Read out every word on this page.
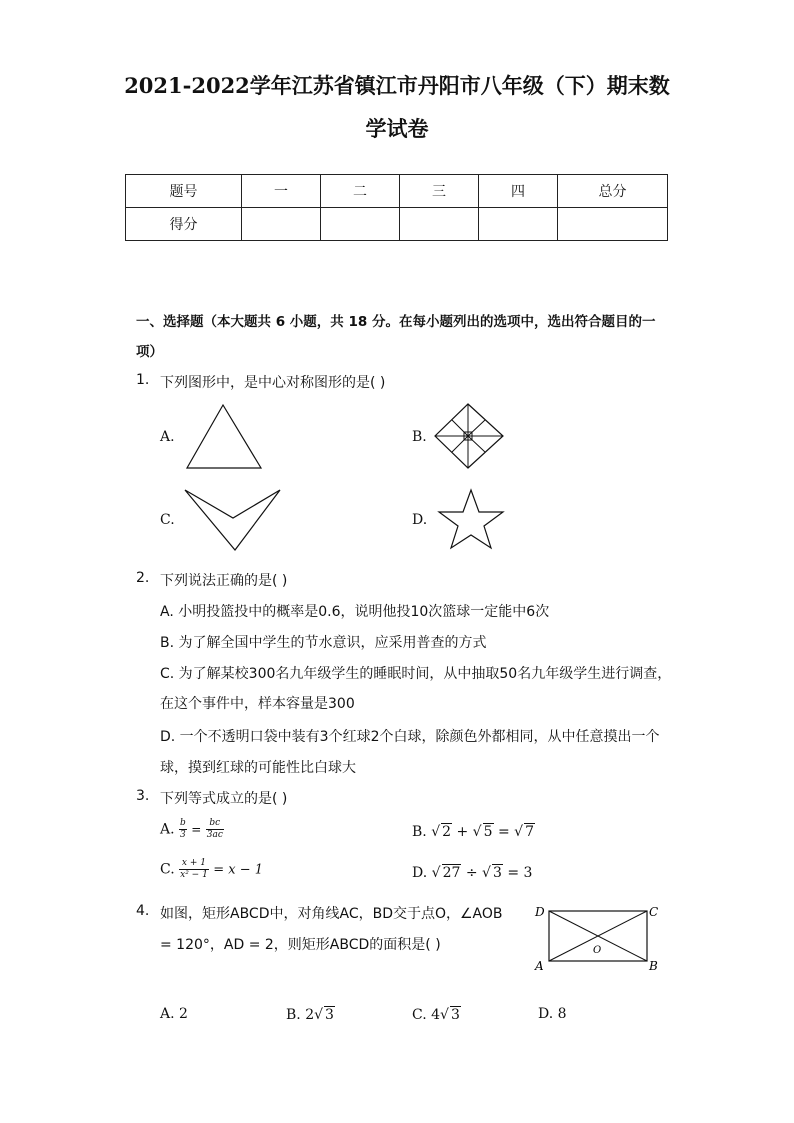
2021-2022学年江苏省镇江市丹阳市八年级（下）期末数
学试卷
题号	一	二	三	四	总分
得分					
一、选择题（本大题共 6 小题，共 18 分。在每小题列出的选项中，选出符合题目的一
项）
1. 下列图形中，是中心对称图形的是( )
A.	B.
C.	D.
2. 下列说法正确的是( )
A. 小明投篮投中的概率是0.6，说明他投10次篮球一定能中6次
B. 为了解全国中学生的节水意识，应采用普查的方式
C. 为了解某校300名九年级学生的睡眠时间，从中抽取50名九年级学生进行调查，
在这个事件中，样本容量是300
D. 一个不透明口袋中装有3个红球2个白球，除颜色外都相同，从中任意摸出一个
球，摸到红球的可能性比白球大
3. 下列等式成立的是( )
A. $\frac{b}{3} = \frac{bc}{3ac}$	B. √ 2 + √ 5 = √ 7
C. $\frac{x + 1}{\text{x² − 1}} = x - 1$	D. √ 27 ÷ √ 3 = 3
4. 如图，矩形ABCD中，对角线AC，BD交于点O，∠AOB
= 120°，AD = 2，则矩形ABCD的面积是( )
D	C
A	B
O
A. 2	B. 2√ 3	C. 4√ 3	D. 8
